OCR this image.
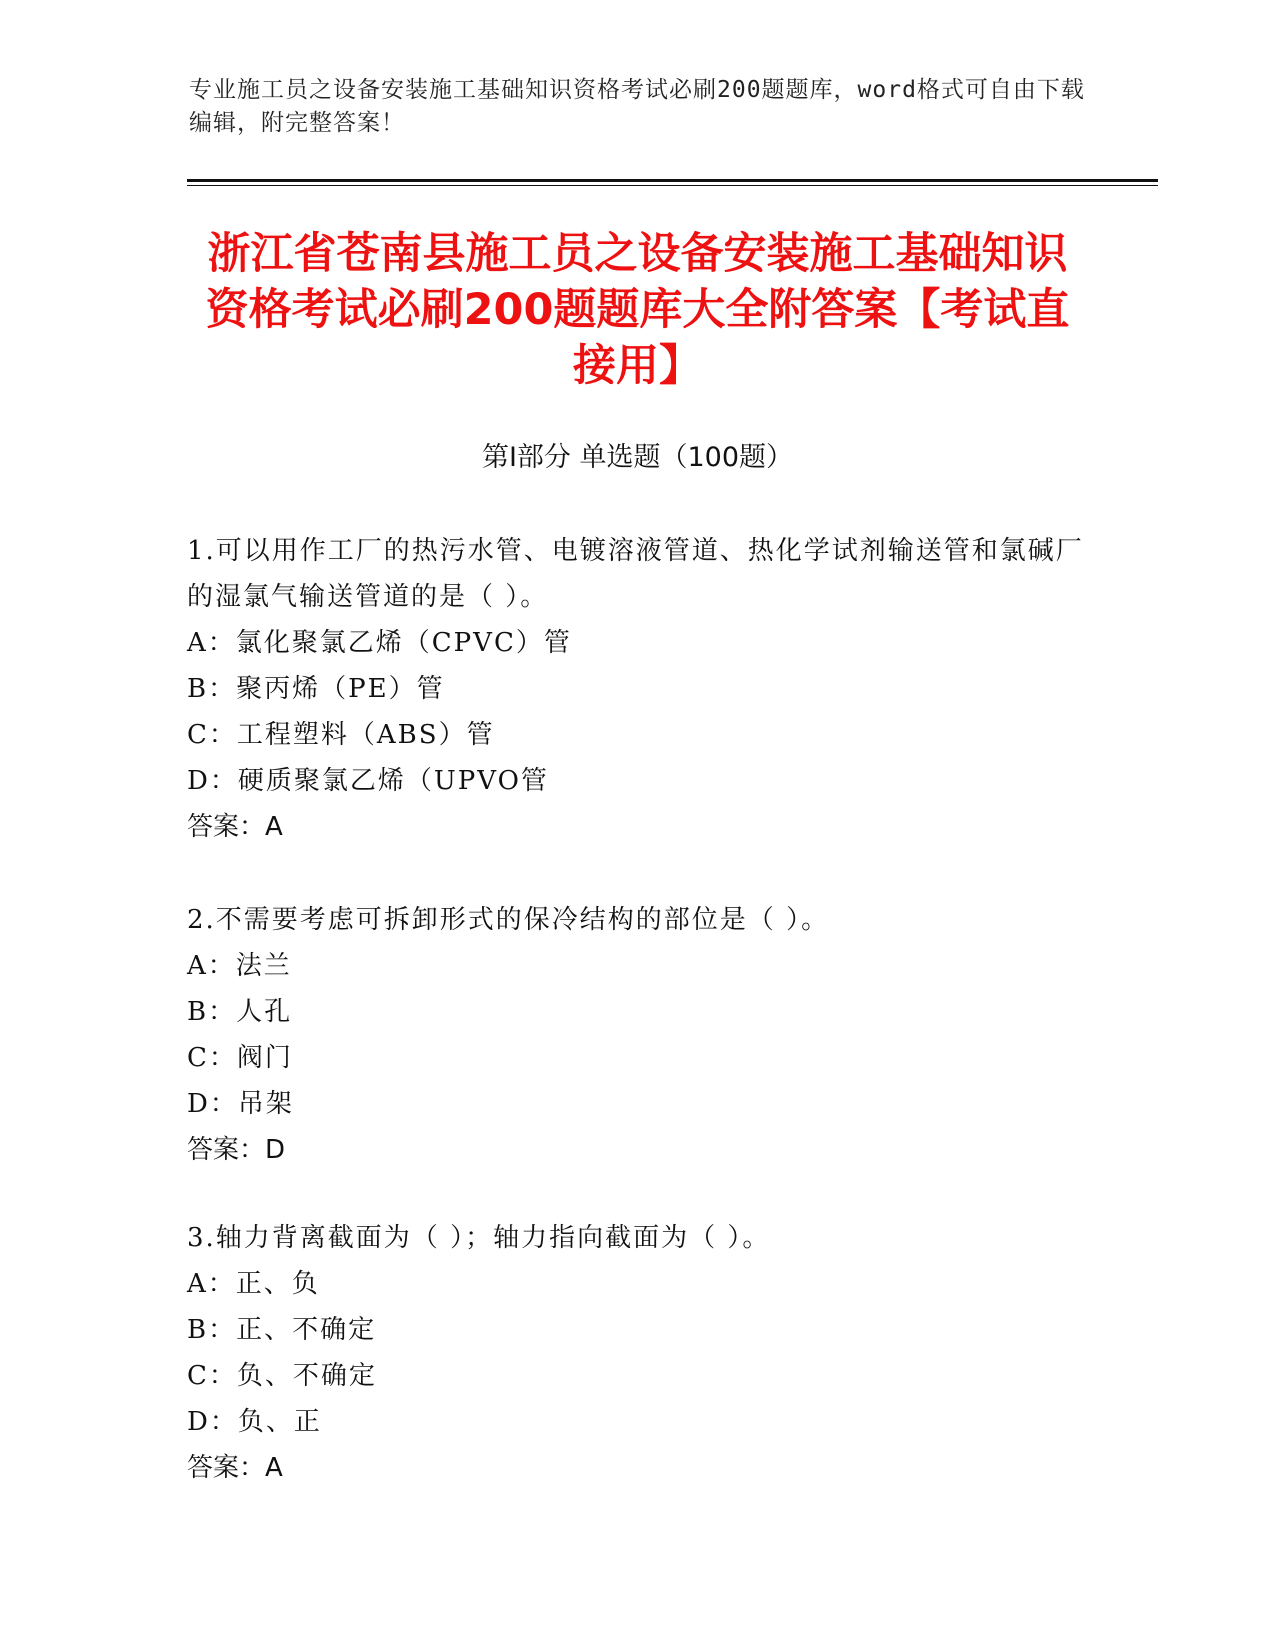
专业施工员之设备安装施工基础知识资格考试必刷200题题库，word格式可自由下载编辑，附完整答案！
浙江省苍南县施工员之设备安装施工基础知识资格考试必刷200题题库大全附答案【考试直接用】
第Ⅰ部分 单选题（100题）

1.可以用作工厂的热污水管、电镀溶液管道、热化学试剂输送管和氯碱厂的湿氯气输送管道的是（ ）。

A：氯化聚氯乙烯（CPVC）管

B：聚丙烯（PE）管

C：工程塑料（ABS）管

D：硬质聚氯乙烯（UPVO管

答案：A

2.不需要考虑可拆卸形式的保冷结构的部位是（ ）。

A：法兰

B：人孔

C：阀门

D：吊架

答案：D

3.轴力背离截面为（ ）；轴力指向截面为（ ）。

A：正、负

B：正、不确定

C：负、不确定

D：负、正

答案：A
